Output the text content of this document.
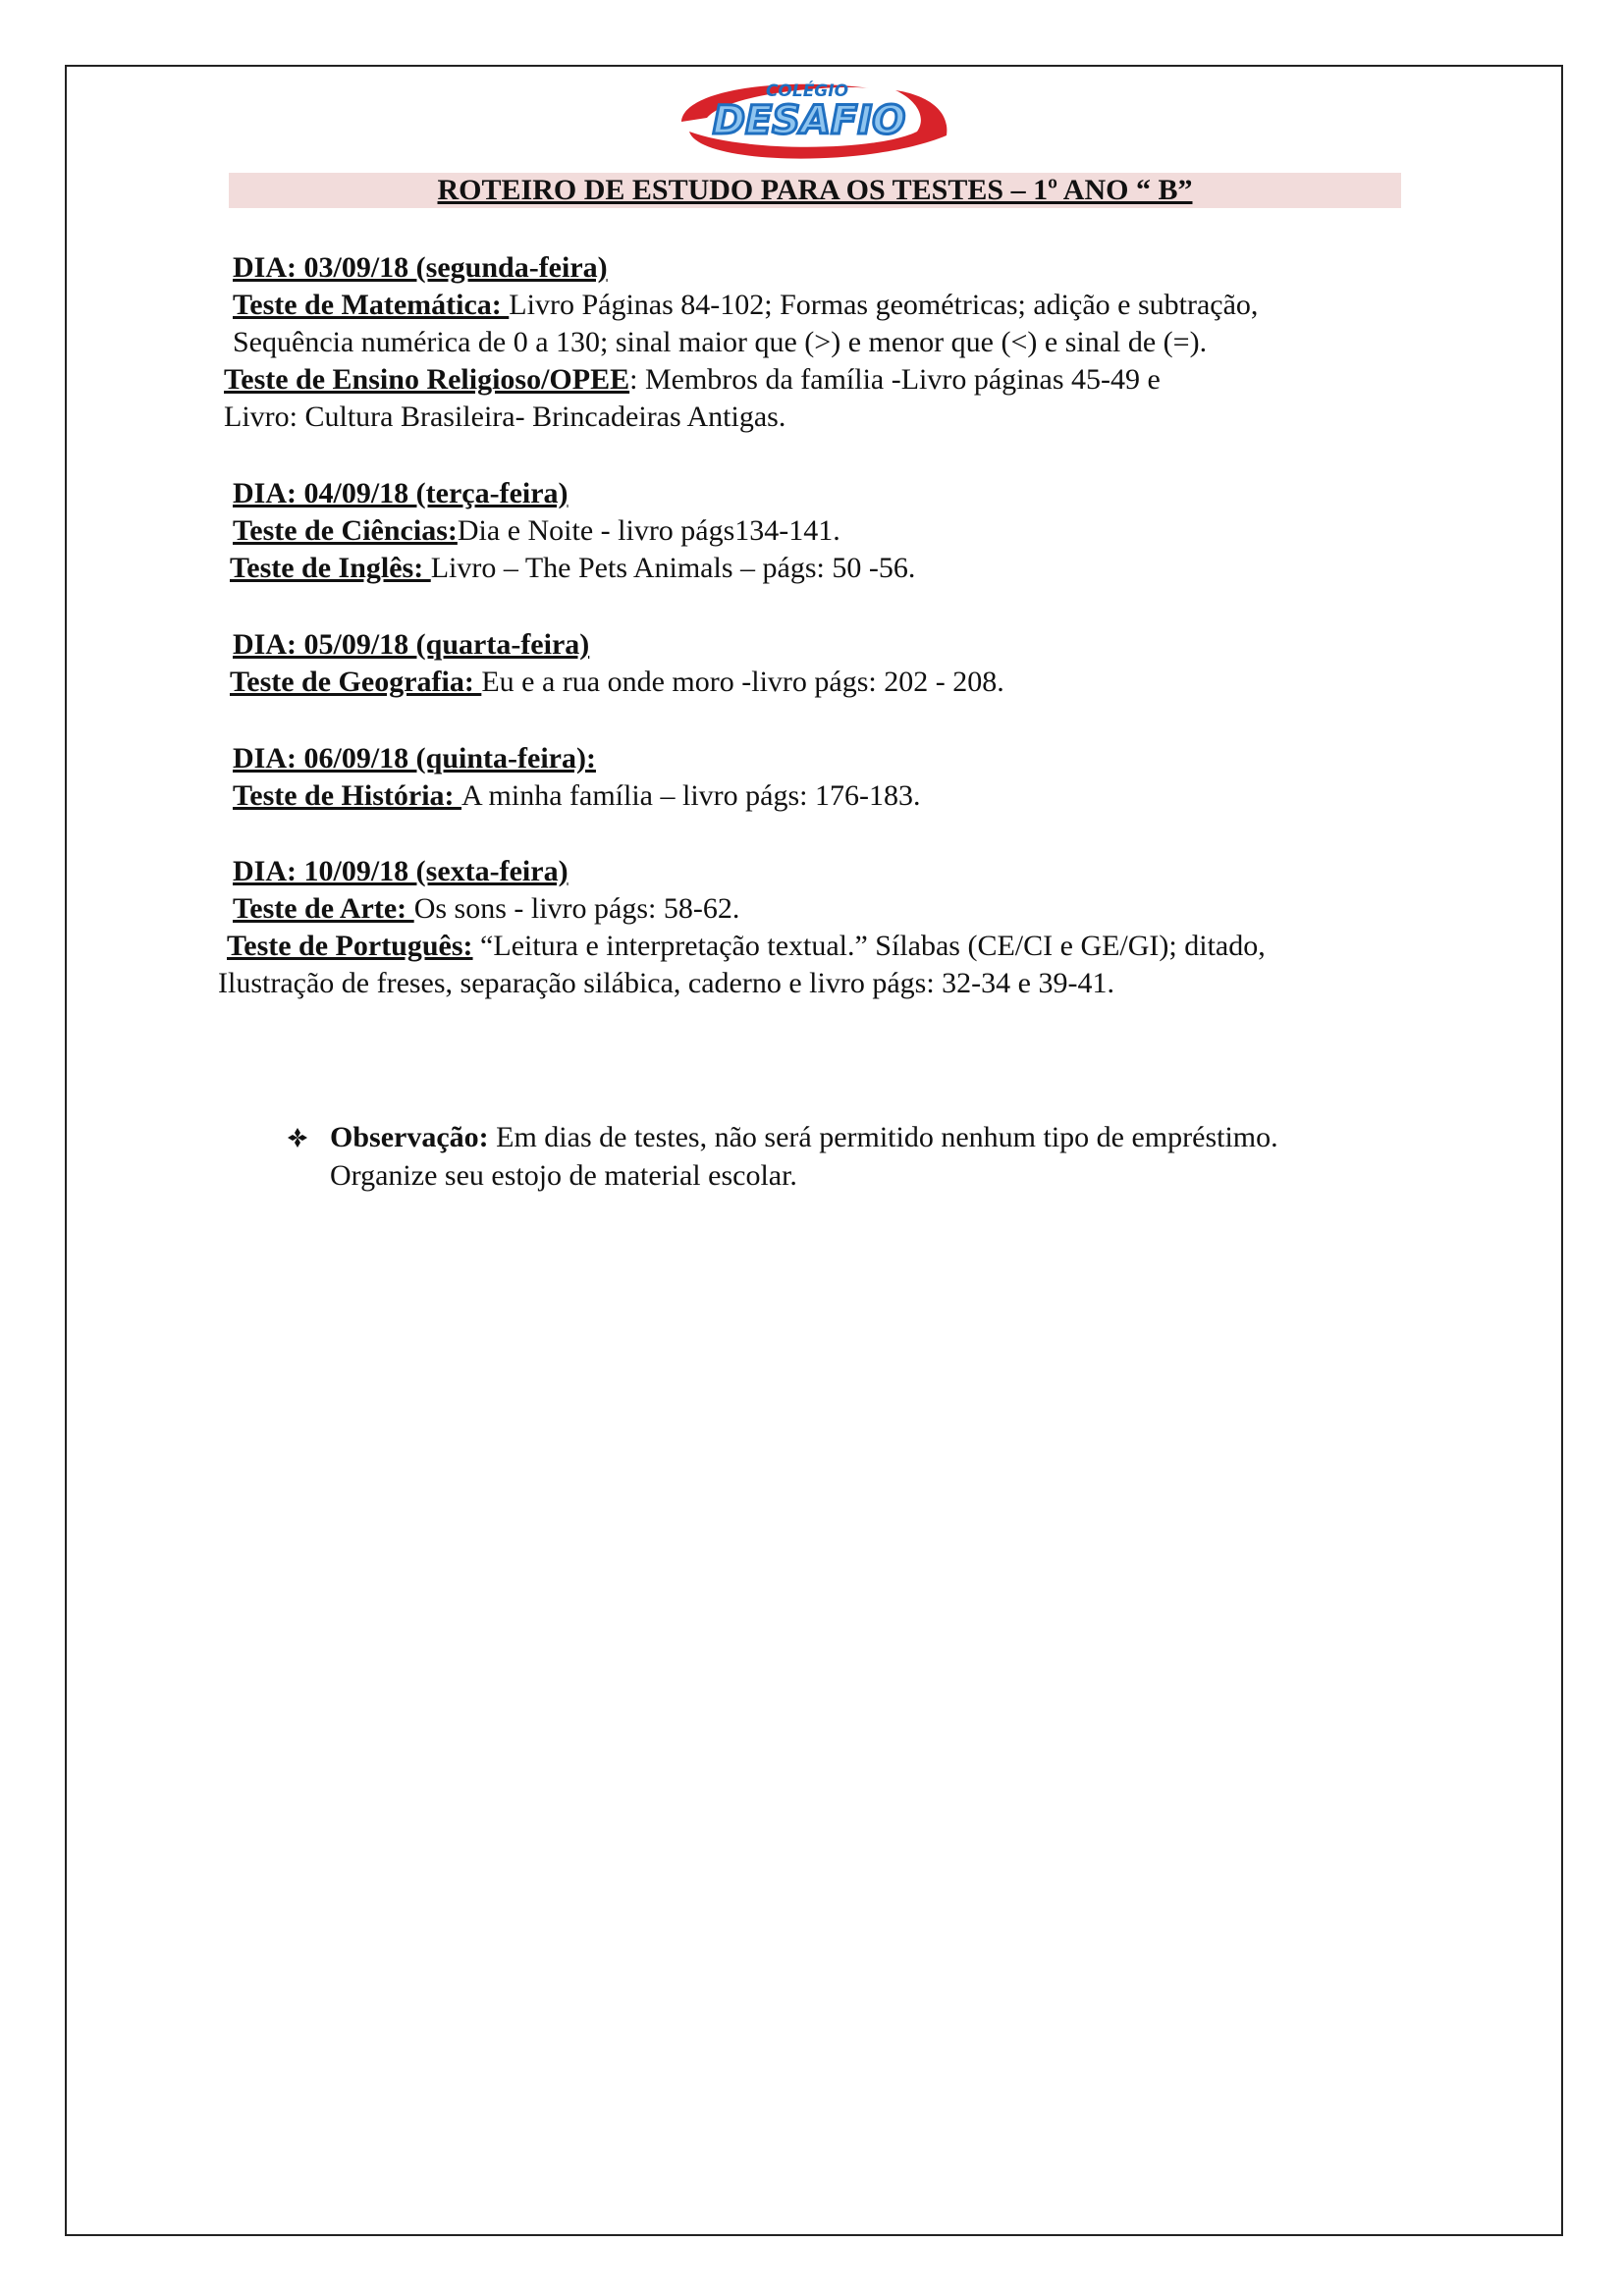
COLÉGIO
DESAFIO
ROTEIRO DE ESTUDO PARA OS TESTES – 1º ANO “ B”
DIA: 03/09/18 (segunda-feira)
Teste de Matemática: Livro Páginas 84-102; Formas geométricas; adição e subtração,
Sequência numérica de 0 a 130; sinal maior que (>) e menor que (<) e sinal de (=).
Teste de Ensino Religioso/OPEE: Membros da família -Livro páginas 45-49 e
Livro: Cultura Brasileira- Brincadeiras Antigas.
DIA: 04/09/18 (terça-feira)
Teste de Ciências:Dia e Noite - livro págs134-141.
Teste de Inglês: Livro – The Pets Animals – págs: 50 -56.
DIA: 05/09/18 (quarta-feira)
Teste de Geografia: Eu e a rua onde moro -livro págs: 202 - 208.
DIA: 06/09/18 (quinta-feira):
Teste de História: A minha família – livro págs: 176-183.
DIA: 10/09/18 (sexta-feira)
Teste de Arte: Os sons - livro págs: 58-62.
Teste de Português: “Leitura e interpretação textual.” Sílabas (CE/CI e GE/GI); ditado,
Ilustração de freses, separação silábica, caderno e livro págs: 32-34 e 39-41.
Observação: Em dias de testes, não será permitido nenhum tipo de empréstimo.
Organize seu estojo de material escolar.
